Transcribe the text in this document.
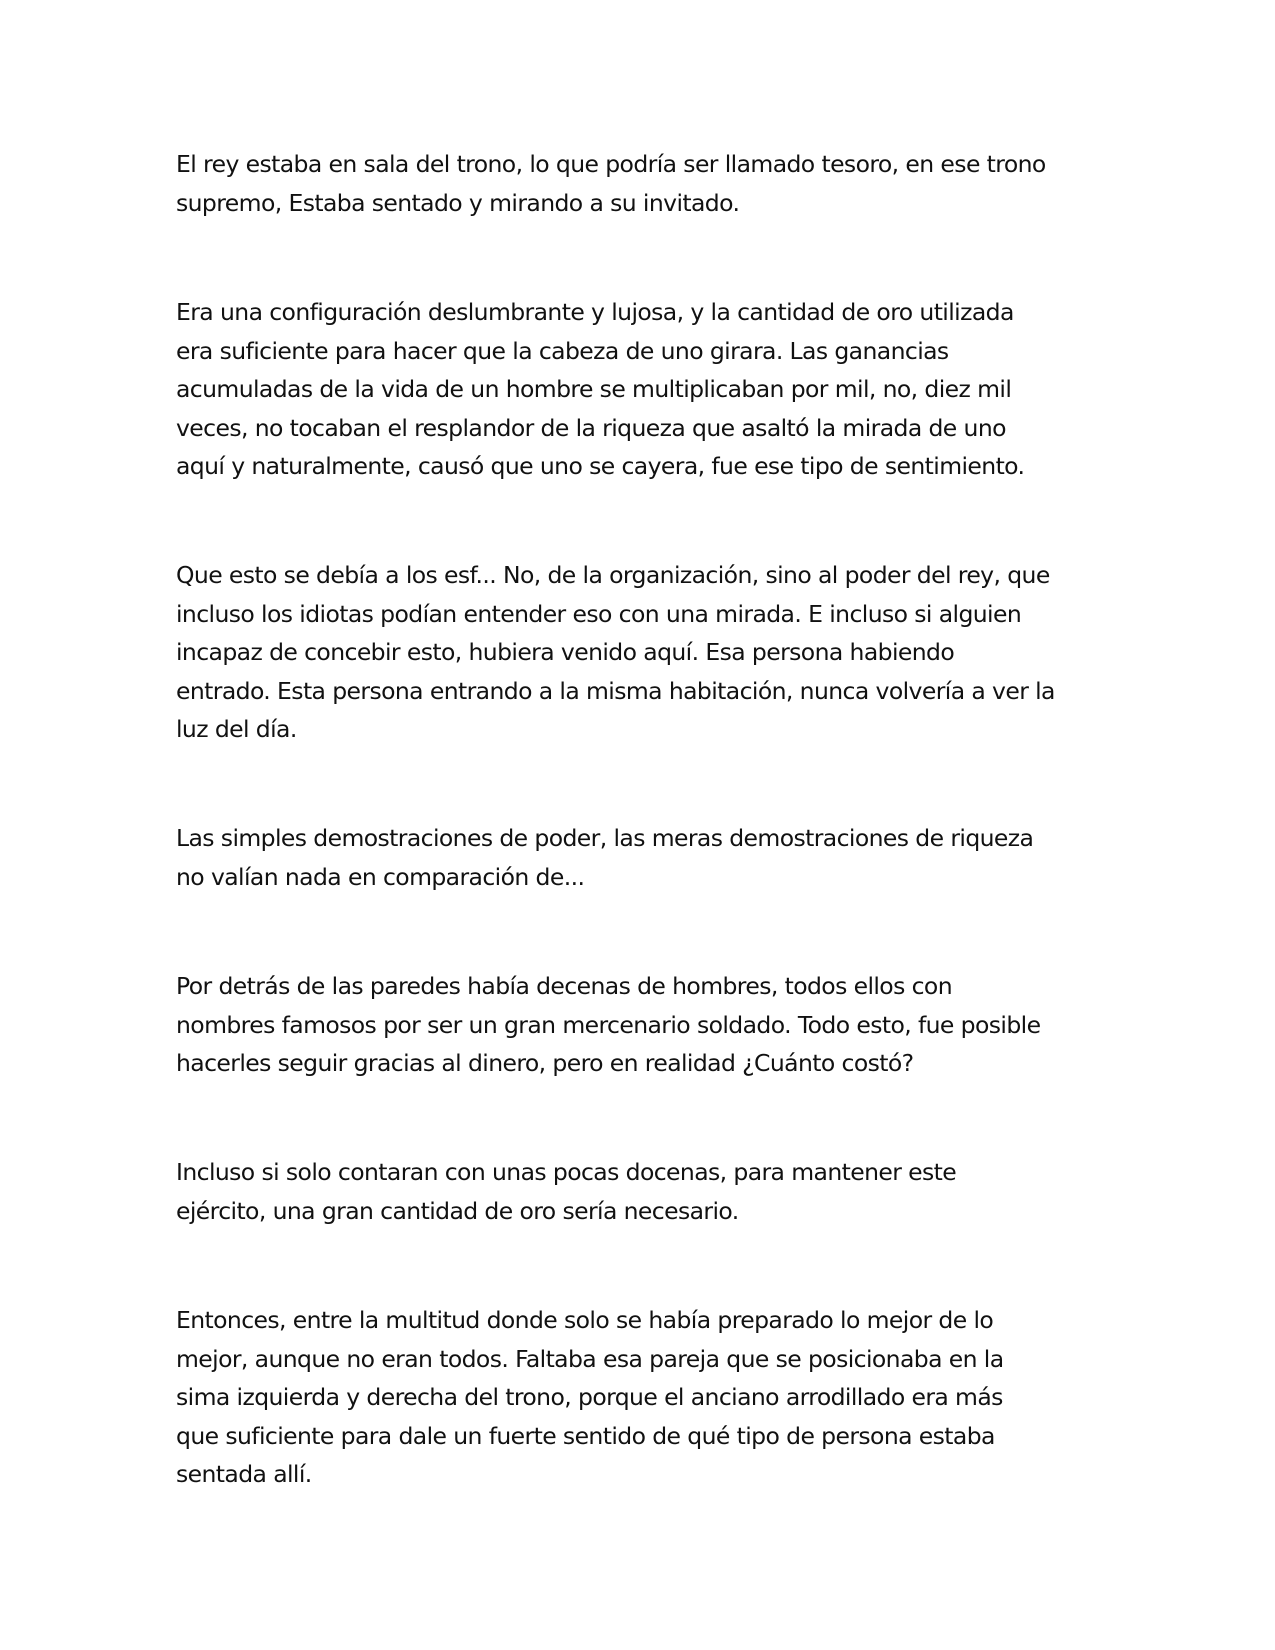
El rey estaba en sala del trono, lo que podría ser llamado tesoro, en ese trono
supremo, Estaba sentado y mirando a su invitado.
Era una configuración deslumbrante y lujosa, y la cantidad de oro utilizada
era suficiente para hacer que la cabeza de uno girara. Las ganancias
acumuladas de la vida de un hombre se multiplicaban por mil, no, diez mil
veces, no tocaban el resplandor de la riqueza que asaltó la mirada de uno
aquí y naturalmente, causó que uno se cayera, fue ese tipo de sentimiento.
Que esto se debía a los esf... No, de la organización, sino al poder del rey, que
incluso los idiotas podían entender eso con una mirada. E incluso si alguien
incapaz de concebir esto, hubiera venido aquí. Esa persona habiendo
entrado. Esta persona entrando a la misma habitación, nunca volvería a ver la
luz del día.
Las simples demostraciones de poder, las meras demostraciones de riqueza
no valían nada en comparación de...
Por detrás de las paredes había decenas de hombres, todos ellos con
nombres famosos por ser un gran mercenario soldado. Todo esto, fue posible
hacerles seguir gracias al dinero, pero en realidad ¿Cuánto costó?
Incluso si solo contaran con unas pocas docenas, para mantener este
ejército, una gran cantidad de oro sería necesario.
Entonces, entre la multitud donde solo se había preparado lo mejor de lo
mejor, aunque no eran todos. Faltaba esa pareja que se posicionaba en la
sima izquierda y derecha del trono, porque el anciano arrodillado era más
que suficiente para dale un fuerte sentido de qué tipo de persona estaba
sentada allí.
